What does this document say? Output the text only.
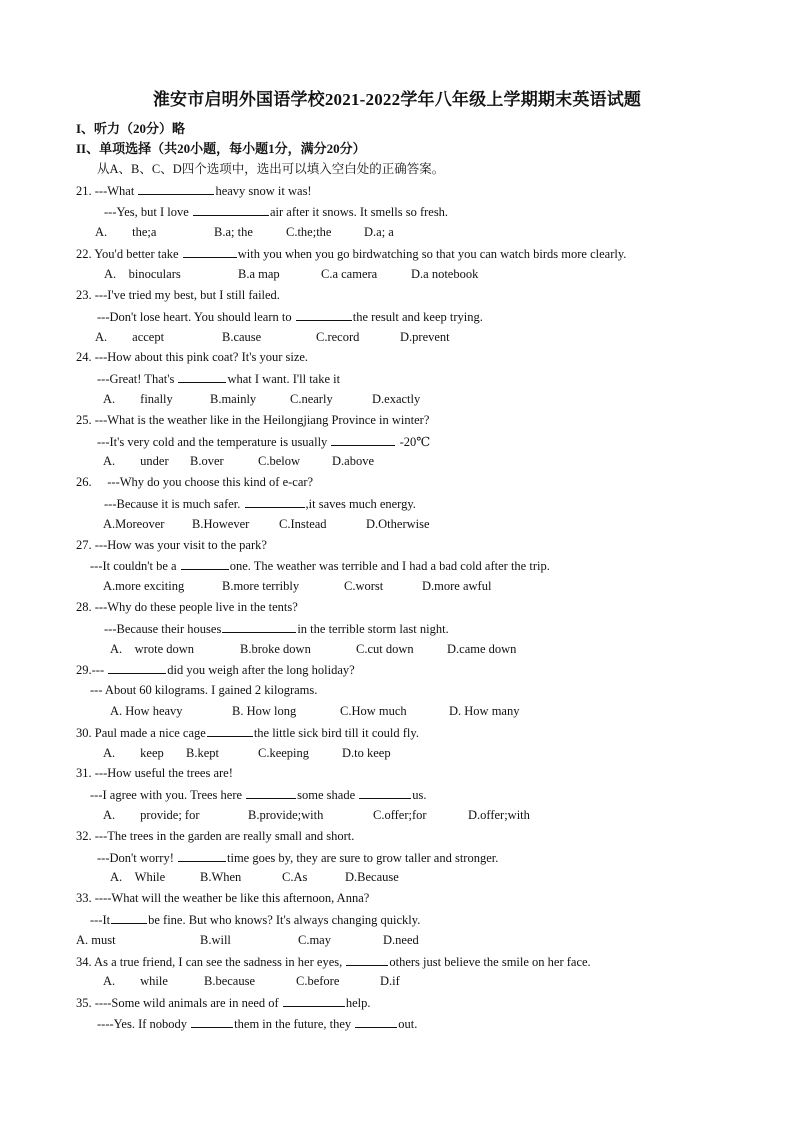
淮安市启明外国语学校2021-2022学年八年级上学期期末英语试题
I、听力（20分）略
II、单项选择（共20小题，每小题1分，满分20分）
从A、B、C、D四个选项中，选出可以填入空白处的正确答案。
21. ---What	heavy snow it was!
---Yes, but I love	air after it snows. It smells so fresh.
A.　　the;a	B.a; the	C.the;the	D.a; a
22. You'd better take	with you when you go birdwatching so that you can watch birds more clearly.
A.　binoculars	B.a map	C.a camera	D.a notebook
23. ---I've tried my best, but I still failed.
---Don't lose heart. You should learn to	the result and keep trying.
A.　　accept	B.cause	C.record	D.prevent
24. ---How about this pink coat? It's your size.
---Great! That's	what I want. I'll take it
A.　　finally	B.mainly	C.nearly	D.exactly
25. ---What is the weather like in the Heilongjiang Province in winter?
---It's very cold and the temperature is usually	-20℃
A.　　under B.over	C.below	D.above
26.　 ---Why do you choose this kind of e-car?
---Because it is much safer.	,it saves much energy.
A.Moreover B.However C.Instead	D.Otherwise
27. ---How was your visit to the park?
---It couldn't be a	one. The weather was terrible and I had a bad cold after the trip.
A.more exciting	B.more terribly	C.worst	D.more awful
28. ---Why do these people live in the tents?
---Because their houses	in the terrible storm last night.
A.　wrote down	B.broke down	C.cut down	D.came down
29.---	did you weigh after the long holiday?
--- About 60 kilograms. I gained 2 kilograms.
A. How heavy	B. How long	C.How much	D. How many
30. Paul made a nice cage	the little sick bird till it could fly.
A.　　keep B.kept	C.keeping	D.to keep
31. ---How useful the trees are!
---I agree with you. Trees here	some shade	us.
A.　　provide; for	B.provide;with	C.offer;for	D.offer;with
32. ---The trees in the garden are really small and short.
---Don't worry!	time goes by, they are sure to grow taller and stronger.
A.　While	B.When	C.As	D.Because
33. ----What will the weather be like this afternoon, Anna?
---It	be fine. But who knows? It's always changing quickly.
A. must	B.will	C.may	D.need
34. As a true friend, I can see the sadness in her eyes,	others just believe the smile on her face.
A.　　while	B.because	C.before	D.if
35. ----Some wild animals are in need of	help.
----Yes. If nobody	them in the future, they	out.
